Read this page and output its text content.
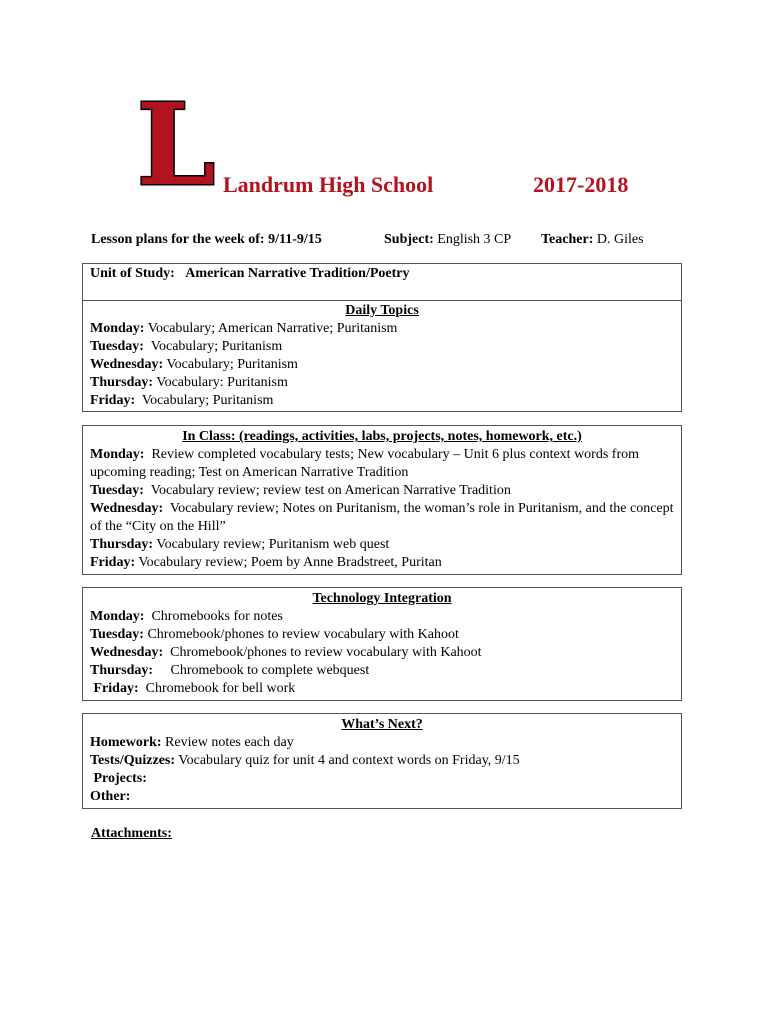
L Landrum High School	2017-2018
Lesson plans for the week of: 9/11-9/15	Subject: English 3 CP Teacher: D. Giles
Unit of Study: American Narrative Tradition/Poetry
Daily Topics
Monday: Vocabulary; American Narrative; Puritanism
Tuesday:  Vocabulary; Puritanism
Wednesday: Vocabulary; Puritanism
Thursday: Vocabulary: Puritanism
Friday:  Vocabulary; Puritanism
In Class: (readings, activities, labs, projects, notes, homework, etc.)
Monday:  Review completed vocabulary tests; New vocabulary – Unit 6 plus context words from upcoming reading; Test on American Narrative Tradition
Tuesday:  Vocabulary review; review test on American Narrative Tradition
Wednesday:  Vocabulary review; Notes on Puritanism, the woman’s role in Puritanism, and the concept of the “City on the Hill”
Thursday: Vocabulary review; Puritanism web quest
Friday: Vocabulary review; Poem by Anne Bradstreet, Puritan
Technology Integration
Monday:  Chromebooks for notes
Tuesday: Chromebook/phones to review vocabulary with Kahoot
Wednesday:  Chromebook/phones to review vocabulary with Kahoot
Thursday:     Chromebook to complete webquest
Friday:  Chromebook for bell work
What’s Next?
Homework: Review notes each day
Tests/Quizzes: Vocabulary quiz for unit 4 and context words on Friday, 9/15
Projects:
Other:
Attachments:
